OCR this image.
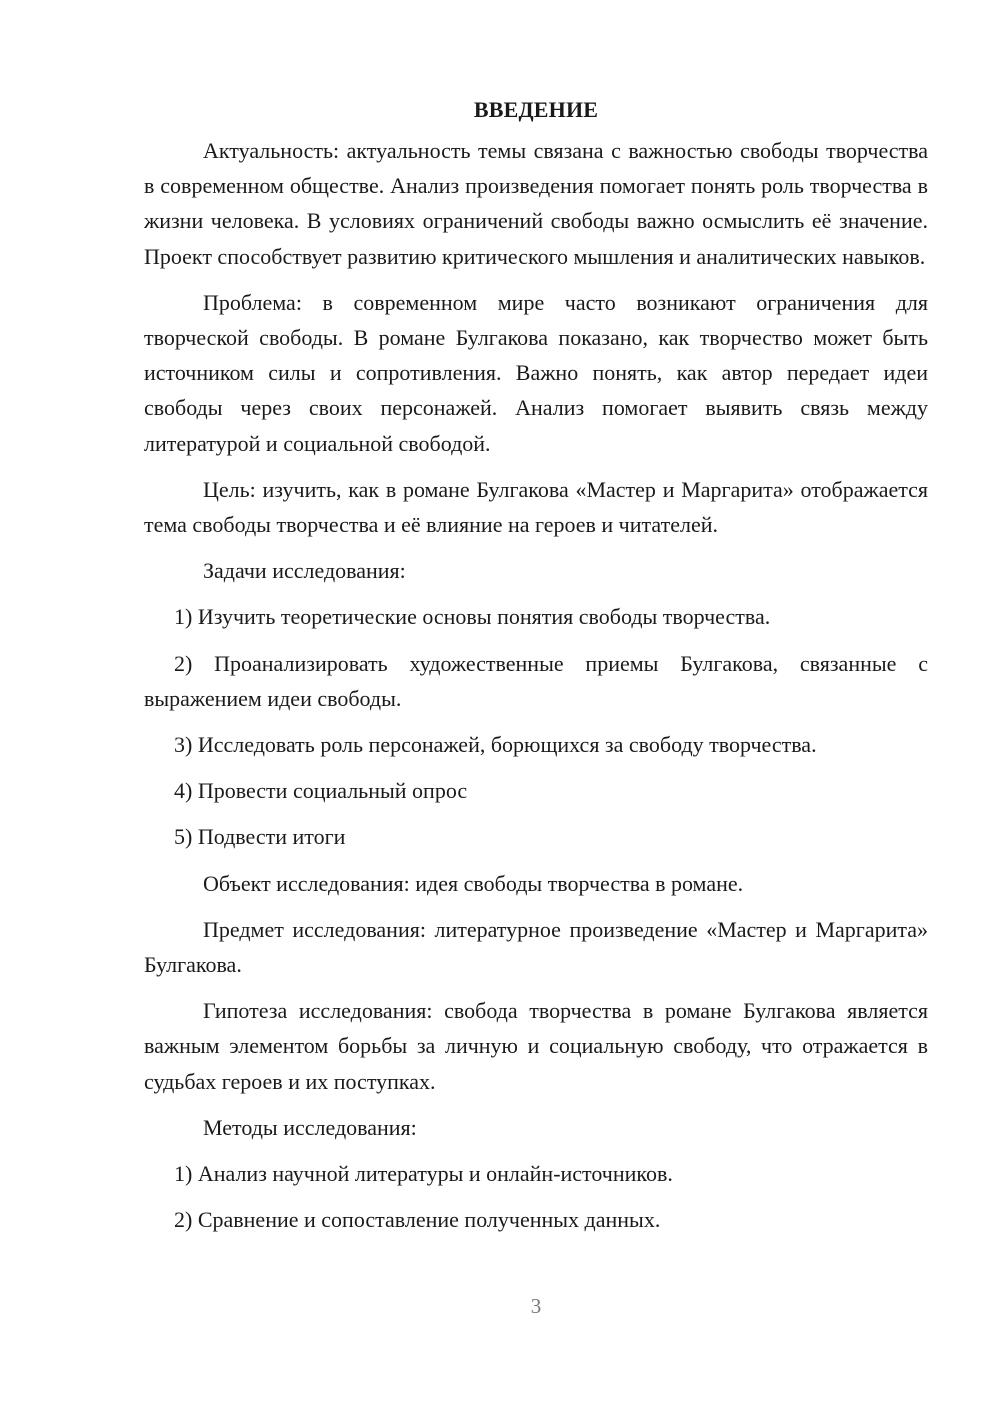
ВВЕДЕНИЕ

Актуальность: актуальность темы связана с важностью свободы творчества в современном обществе. Анализ произведения помогает понять роль творчества в жизни человека. В условиях ограничений свободы важно осмыслить её значение. Проект способствует развитию критического мышления и аналитических навыков.

Проблема: в современном мире часто возникают ограничения для творческой свободы. В романе Булгакова показано, как творчество может быть источником силы и сопротивления. Важно понять, как автор передает идеи свободы через своих персонажей. Анализ помогает выявить связь между литературой и социальной свободой.

Цель: изучить, как в романе Булгакова «Мастер и Маргарита» отображается тема свободы творчества и её влияние на героев и читателей.

Задачи исследования:

1) Изучить теоретические основы понятия свободы творчества.

2) Проанализировать художественные приемы Булгакова, связанные с выражением идеи свободы.

3) Исследовать роль персонажей, борющихся за свободу творчества.

4) Провести социальный опрос

5) Подвести итоги

Объект исследования: идея свободы творчества в романе.

Предмет исследования: литературное произведение «Мастер и Маргарита» Булгакова.

Гипотеза исследования: свобода творчества в романе Булгакова является важным элементом борьбы за личную и социальную свободу, что отражается в судьбах героев и их поступках.

Методы исследования:

1) Анализ научной литературы и онлайн-источников.

2) Сравнение и сопоставление полученных данных.

3
